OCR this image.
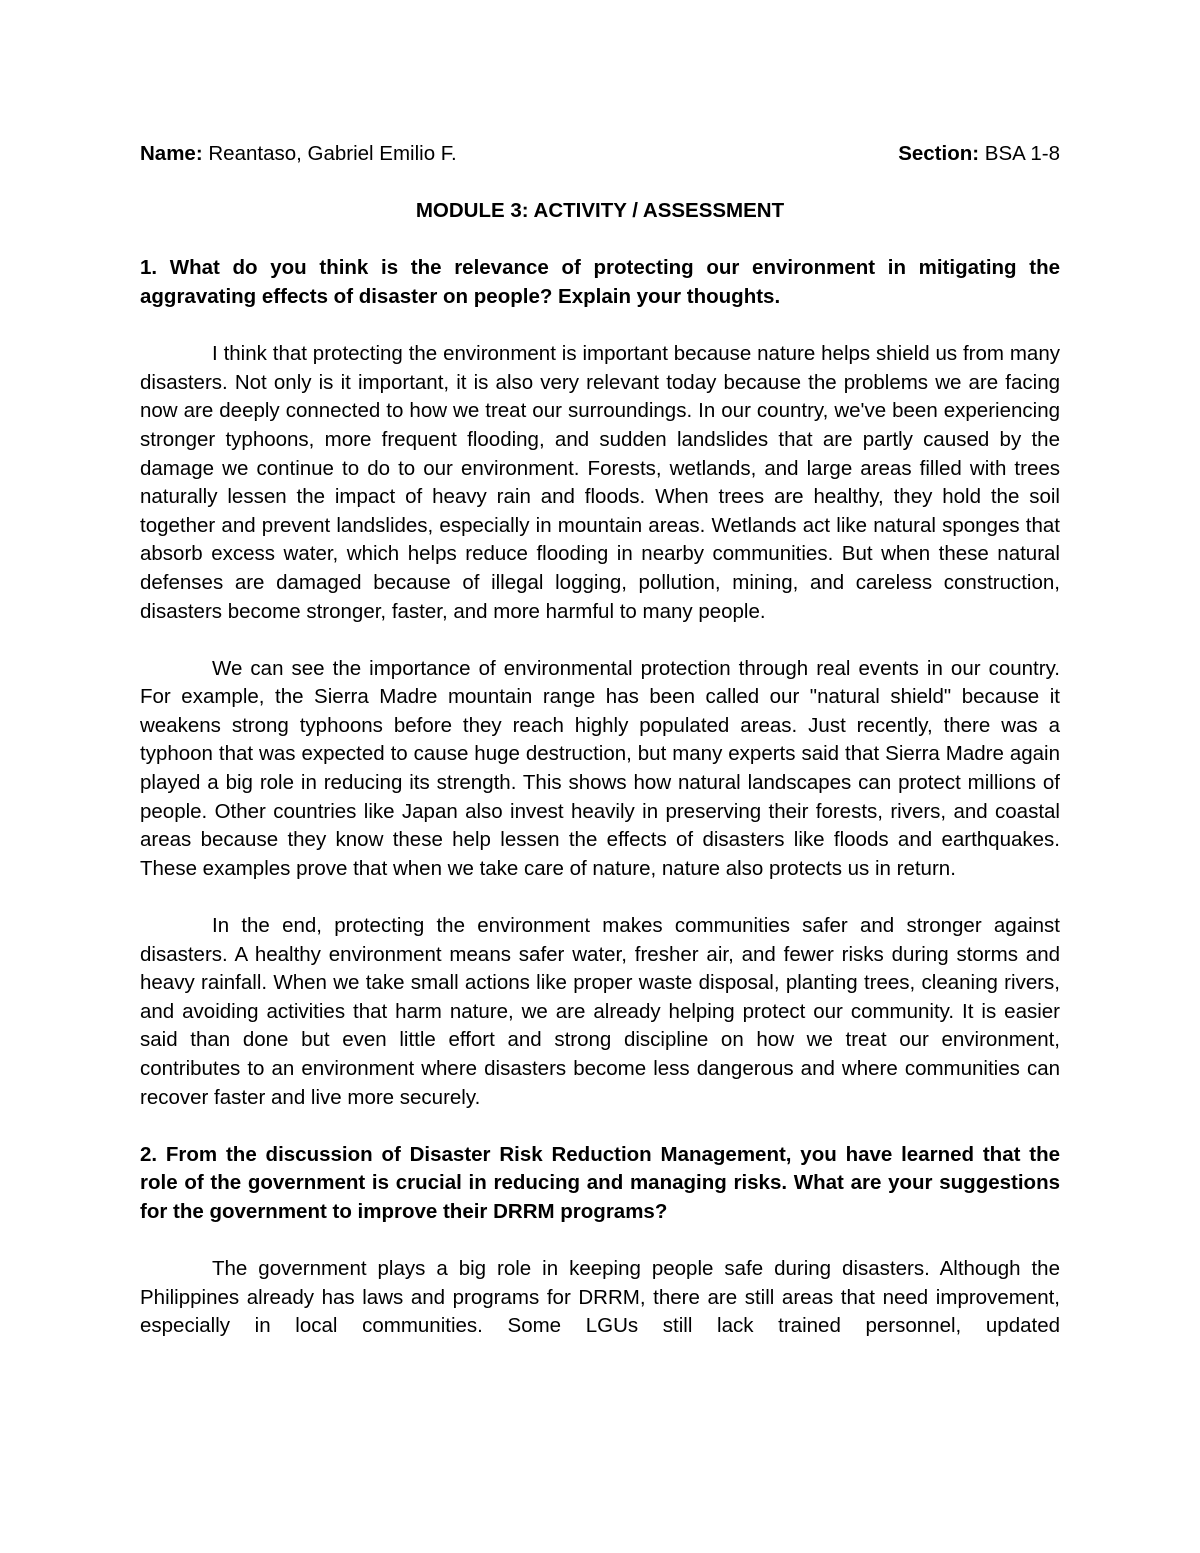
Name: Reantaso, Gabriel Emilio F.	Section: BSA 1-8
MODULE 3: ACTIVITY / ASSESSMENT
1. What do you think is the relevance of protecting our environment in mitigating the aggravating effects of disaster on people? Explain your thoughts.

I think that protecting the environment is important because nature helps shield us from many disasters. Not only is it important, it is also very relevant today because the problems we are facing now are deeply connected to how we treat our surroundings. In our country, we've been experiencing stronger typhoons, more frequent flooding, and sudden landslides that are partly caused by the damage we continue to do to our environment. Forests, wetlands, and large areas filled with trees naturally lessen the impact of heavy rain and floods. When trees are healthy, they hold the soil together and prevent landslides, especially in mountain areas. Wetlands act like natural sponges that absorb excess water, which helps reduce flooding in nearby communities. But when these natural defenses are damaged because of illegal logging, pollution, mining, and careless construction, disasters become stronger, faster, and more harmful to many people.

We can see the importance of environmental protection through real events in our country. For example, the Sierra Madre mountain range has been called our "natural shield" because it weakens strong typhoons before they reach highly populated areas. Just recently, there was a typhoon that was expected to cause huge destruction, but many experts said that Sierra Madre again played a big role in reducing its strength. This shows how natural landscapes can protect millions of people. Other countries like Japan also invest heavily in preserving their forests, rivers, and coastal areas because they know these help lessen the effects of disasters like floods and earthquakes. These examples prove that when we take care of nature, nature also protects us in return.

In the end, protecting the environment makes communities safer and stronger against disasters. A healthy environment means safer water, fresher air, and fewer risks during storms and heavy rainfall. When we take small actions like proper waste disposal, planting trees, cleaning rivers, and avoiding activities that harm nature, we are already helping protect our community. It is easier said than done but even little effort and strong discipline on how we treat our environment, contributes to an environment where disasters become less dangerous and where communities can recover faster and live more securely.

2. From the discussion of Disaster Risk Reduction Management, you have learned that the role of the government is crucial in reducing and managing risks. What are your suggestions for the government to improve their DRRM programs?

The government plays a big role in keeping people safe during disasters. Although the Philippines already has laws and programs for DRRM, there are still areas that need improvement, especially in local communities. Some LGUs still lack trained personnel, updated
